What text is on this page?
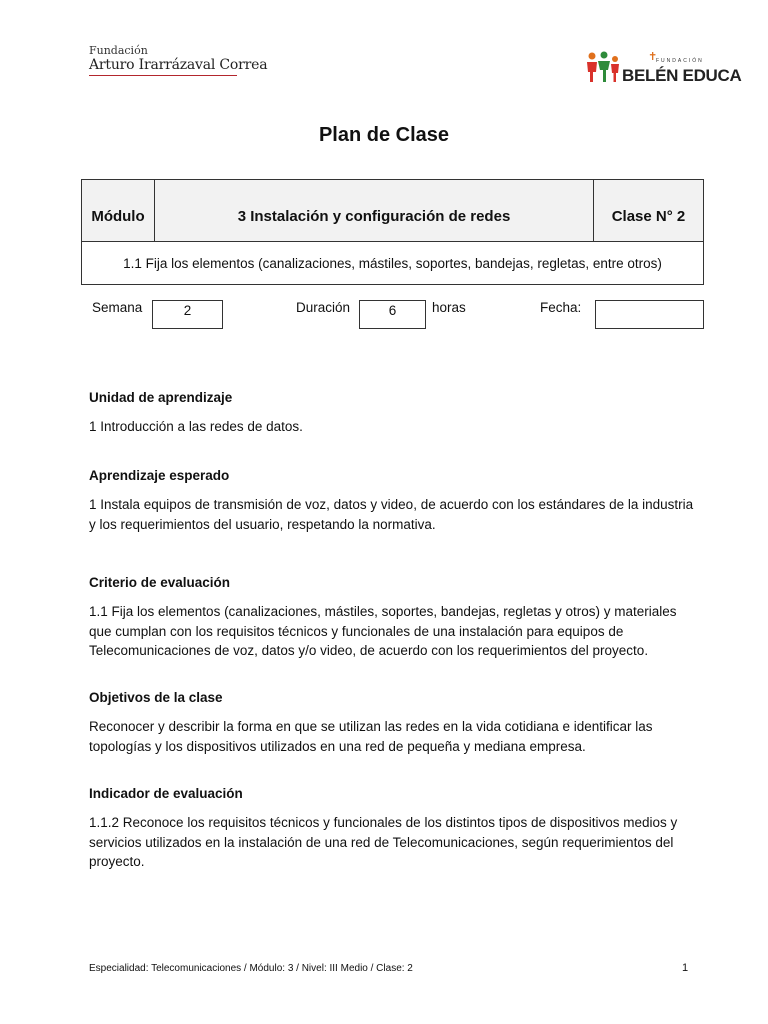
Fundación
Arturo Irarrázaval Correa	✝
FUNDACIÓN
BELÉN EDUCA
Plan de Clase
Módulo	3 Instalación y configuración de redes	Clase N° 2
1.1 Fija los elementos (canalizaciones, mástiles, soportes, bandejas, regletas, entre otros)
Semana	2	Duración	6	horas	Fecha:
Unidad de aprendizaje
1 Introducción a las redes de datos.
Aprendizaje esperado
1 Instala equipos de transmisión de voz, datos y video, de acuerdo con los estándares de la industria y los requerimientos del usuario, respetando la normativa.
Criterio de evaluación
1.1 Fija los elementos (canalizaciones, mástiles, soportes, bandejas, regletas y otros) y materiales que cumplan con los requisitos técnicos y funcionales de una instalación para equipos de Telecomunicaciones de voz, datos y/o video, de acuerdo con los requerimientos del proyecto.
Objetivos de la clase
Reconocer y describir la forma en que se utilizan las redes en la vida cotidiana e identificar las topologías y los dispositivos utilizados en una red de pequeña y mediana empresa.
Indicador de evaluación
1.1.2 Reconoce los requisitos técnicos y funcionales de los distintos tipos de dispositivos medios y servicios utilizados en la instalación de una red de Telecomunicaciones, según requerimientos del proyecto.
Especialidad: Telecomunicaciones / Módulo: 3 / Nivel: III Medio / Clase: 2	1
